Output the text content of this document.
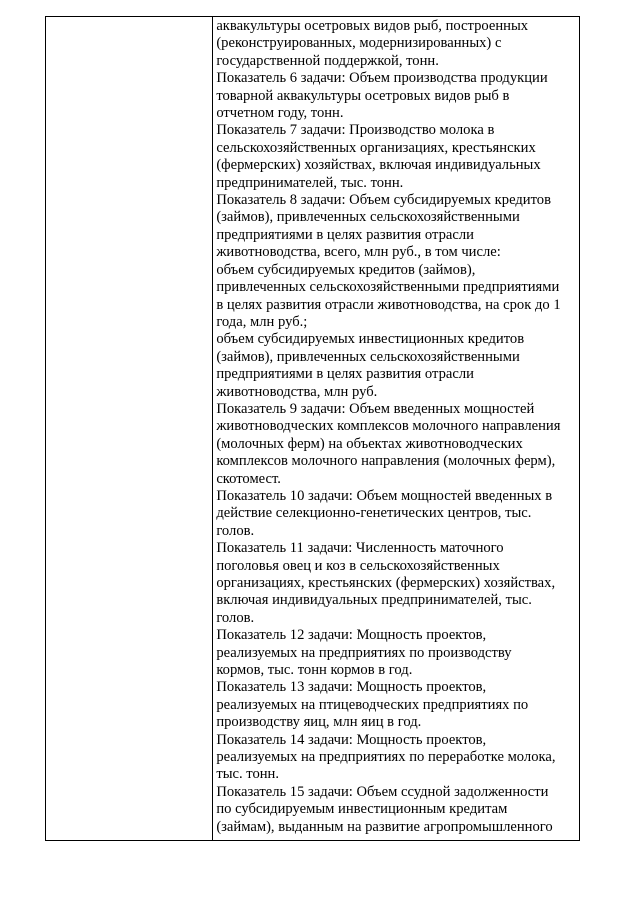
аквакультуры осетровых видов рыб, построенных
(реконструированных, модернизированных) с
государственной поддержкой, тонн.
Показатель 6 задачи: Объем производства продукции
товарной аквакультуры осетровых видов рыб в
отчетном году, тонн.
Показатель 7 задачи: Производство молока в
сельскохозяйственных организациях, крестьянских
(фермерских) хозяйствах, включая индивидуальных
предпринимателей, тыс. тонн.
Показатель 8 задачи: Объем субсидируемых кредитов
(займов), привлеченных сельскохозяйственными
предприятиями в целях развития отрасли
животноводства, всего, млн руб., в том числе:
объем субсидируемых кредитов (займов),
привлеченных сельскохозяйственными предприятиями
в целях развития отрасли животноводства, на срок до 1
года, млн руб.;
объем субсидируемых инвестиционных кредитов
(займов), привлеченных сельскохозяйственными
предприятиями в целях развития отрасли
животноводства, млн руб.
Показатель 9 задачи: Объем введенных мощностей
животноводческих комплексов молочного направления
(молочных ферм) на объектах животноводческих
комплексов молочного направления (молочных ферм),
скотомест.
Показатель 10 задачи: Объем мощностей введенных в
действие селекционно-генетических центров, тыс.
голов.
Показатель 11 задачи: Численность маточного
поголовья овец и коз в сельскохозяйственных
организациях, крестьянских (фермерских) хозяйствах,
включая индивидуальных предпринимателей, тыс.
голов.
Показатель 12 задачи: Мощность проектов,
реализуемых на предприятиях по производству
кормов, тыс. тонн кормов в год.
Показатель 13 задачи: Мощность проектов,
реализуемых на птицеводческих предприятиях по
производству яиц, млн яиц в год.
Показатель 14 задачи: Мощность проектов,
реализуемых на предприятиях по переработке молока,
тыс. тонн.
Показатель 15 задачи: Объем ссудной задолженности
по субсидируемым инвестиционным кредитам
(займам), выданным на развитие агропромышленного
